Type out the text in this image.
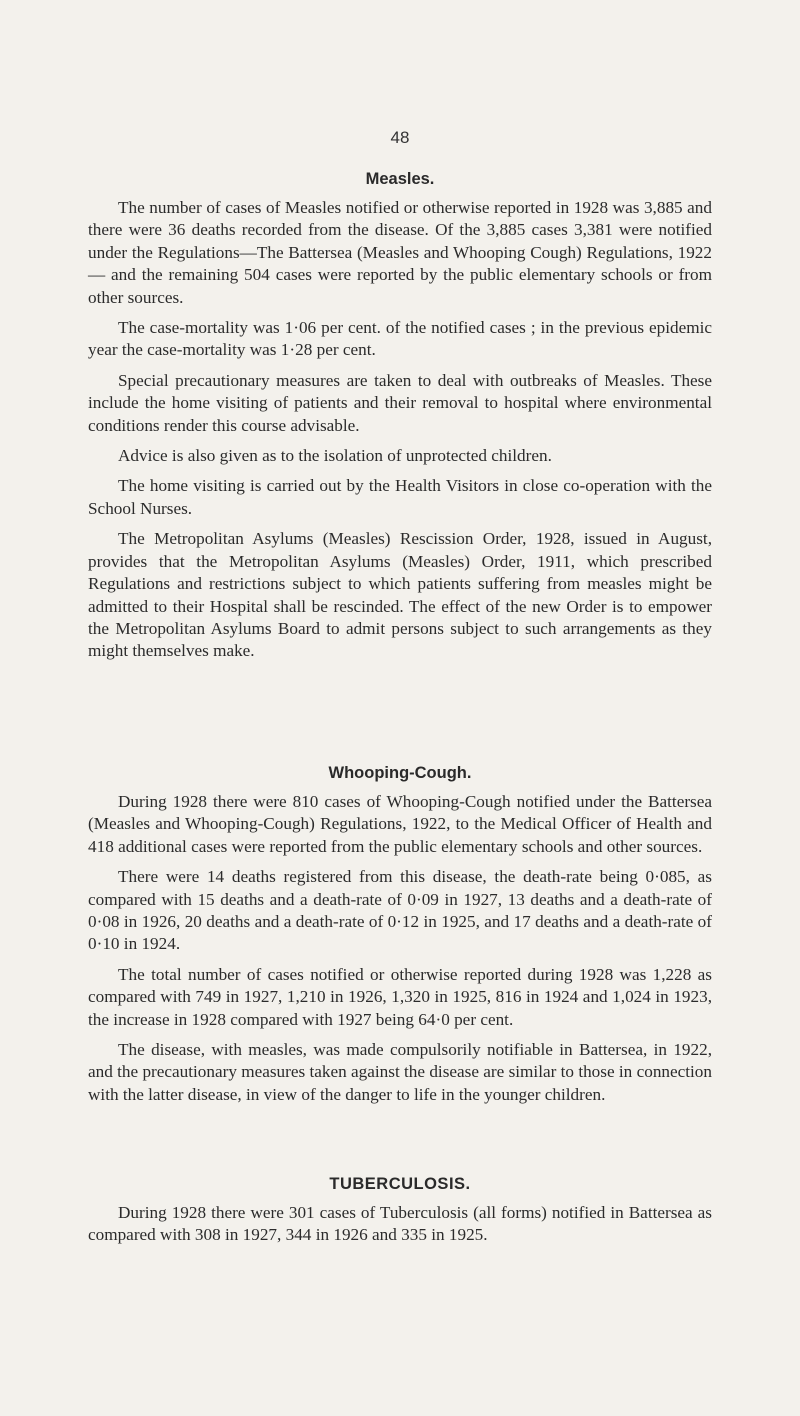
48
Measles.

The number of cases of Measles notified or otherwise reported in 1928 was 3,885 and there were 36 deaths recorded from the disease. Of the 3,885 cases 3,381 were notified under the Regulations—The Battersea (Measles and Whooping Cough) Regulations, 1922— and the remaining 504 cases were reported by the public elementary schools or from other sources.

The case-mortality was 1·06 per cent. of the notified cases ; in the previous epidemic year the case-mortality was 1·28 per cent.

Special precautionary measures are taken to deal with outbreaks of Measles. These include the home visiting of patients and their removal to hospital where environmental conditions render this course advisable.

Advice is also given as to the isolation of unprotected children.

The home visiting is carried out by the Health Visitors in close co-operation with the School Nurses.

The Metropolitan Asylums (Measles) Rescission Order, 1928, issued in August, provides that the Metropolitan Asylums (Measles) Order, 1911, which prescribed Regulations and restrictions subject to which patients suffering from measles might be admitted to their Hospital shall be rescinded. The effect of the new Order is to empower the Metropolitan Asylums Board to admit persons subject to such arrangements as they might themselves make.

Whooping-Cough.

During 1928 there were 810 cases of Whooping-Cough notified under the Battersea (Measles and Whooping-Cough) Regulations, 1922, to the Medical Officer of Health and 418 additional cases were reported from the public elementary schools and other sources.

There were 14 deaths registered from this disease, the death-rate being 0·085, as compared with 15 deaths and a death-rate of 0·09 in 1927, 13 deaths and a death-rate of 0·08 in 1926, 20 deaths and a death-rate of 0·12 in 1925, and 17 deaths and a death-rate of 0·10 in 1924.

The total number of cases notified or otherwise reported during 1928 was 1,228 as compared with 749 in 1927, 1,210 in 1926, 1,320 in 1925, 816 in 1924 and 1,024 in 1923, the increase in 1928 compared with 1927 being 64·0 per cent.

The disease, with measles, was made compulsorily notifiable in Battersea, in 1922, and the precautionary measures taken against the disease are similar to those in connection with the latter disease, in view of the danger to life in the younger children.

TUBERCULOSIS.

During 1928 there were 301 cases of Tuberculosis (all forms) notified in Battersea as compared with 308 in 1927, 344 in 1926 and 335 in 1925.
